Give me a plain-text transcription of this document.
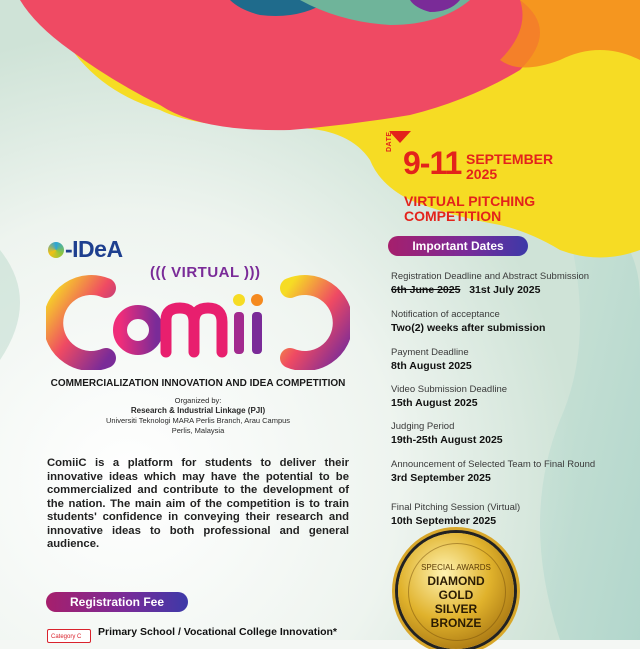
DATE
9-11 SEPTEMBER
2025
VIRTUAL PITCHING
COMPETITION
Important Dates
Registration Deadline and Abstract Submission
6th June 2025 31st July 2025
Notification of acceptance
Two(2) weeks after submission
Payment Deadline
8th August 2025
Video Submission Deadline
15th August 2025
Judging Period
19th-25th August 2025
Announcement of Selected Team to Final Round
3rd September 2025
Final Pitching Session (Virtual)
10th September 2025
-IDeA
((( VIRTUAL )))
COMMERCIALIZATION INNOVATION AND IDEA COMPETITION
Organized by:
Research & Industrial Linkage (PJI)
Universiti Teknologi MARA Perlis Branch, Arau Campus
Perlis, Malaysia
ComiiC is a platform for students to deliver their innovative ideas which may have the potential to be commercialized and contribute to the development of the nation. The main aim of the competition is to train students' confidence in conveying their research and innovative ideas to both professional and general audience.
SPECIAL AWARDS
DIAMOND
GOLD
SILVER
BRONZE
Registration Fee
Category C	Primary School / Vocational College Innovation*
